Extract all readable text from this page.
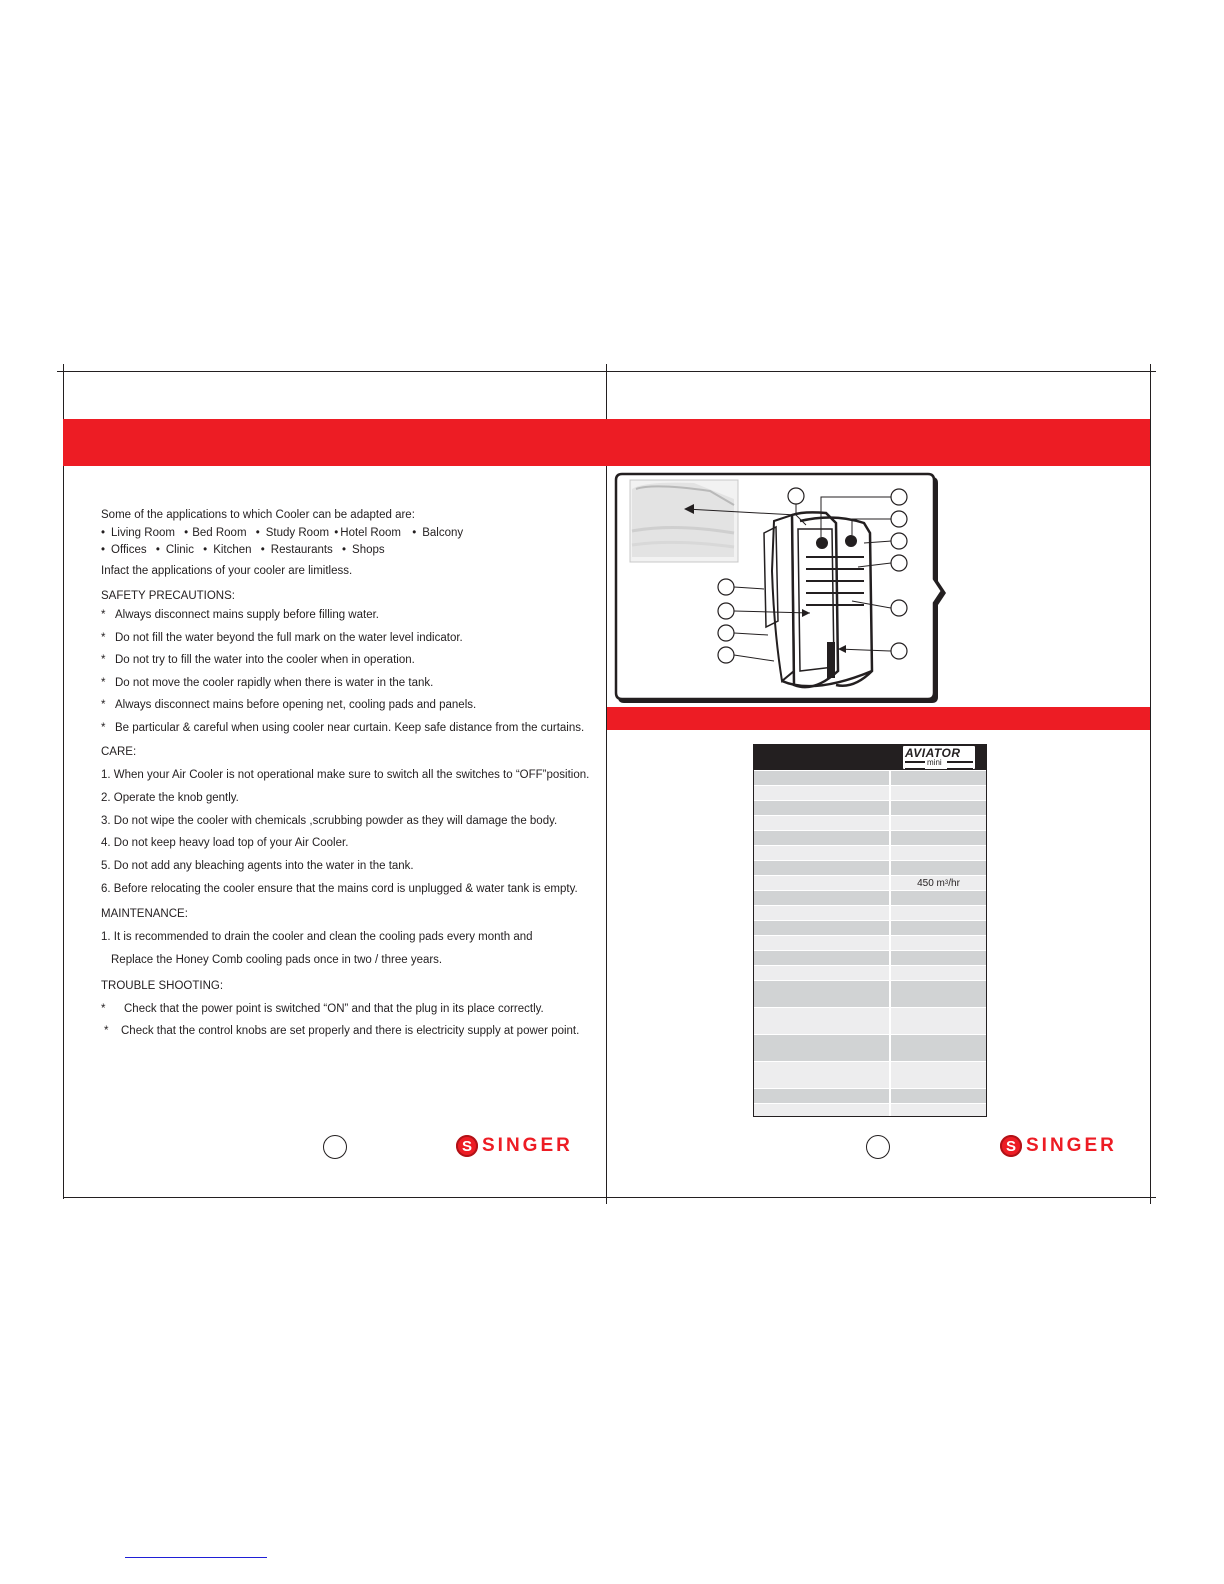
Some of the applications to which Cooler can be adapted are:
• Living Room • Bed Room • Study Room • Hotel Room • Balcony
• Offices • Clinic • Kitchen • Restaurants • Shops
Infact the applications of your cooler are limitless.
SAFETY PRECAUTIONS:
* Always disconnect mains supply before filling water.
* Do not fill the water beyond the full mark on the water level indicator.
* Do not try to fill the water into the cooler when in operation.
* Do not move the cooler rapidly when there is water in the tank.
* Always disconnect mains before opening net, cooling pads and panels.
* Be particular & careful when using cooler near curtain. Keep safe distance from the curtains.
CARE:
1. When your Air Cooler is not operational make sure to switch all the switches to “OFF”position.
2. Operate the knob gently.
3. Do not wipe the cooler with chemicals ,scrubbing powder as they will damage the body.
4. Do not keep heavy load top of your Air Cooler.
5. Do not add any bleaching agents into the water in the tank.
6. Before relocating the cooler ensure that the mains cord is unplugged & water tank is empty.
MAINTENANCE:
1. It is recommended to drain the cooler and clean the cooling pads every month and
Replace the Honey Comb cooling pads once in two / three years.
TROUBLE SHOOTING:
* Check that the power point is switched “ON” and that the plug in its place correctly.
* Check that the control knobs are set properly and there is electricity supply at power point.
S SINGER
AVIATOR
mini
450 m 3 /hr
S SINGER
